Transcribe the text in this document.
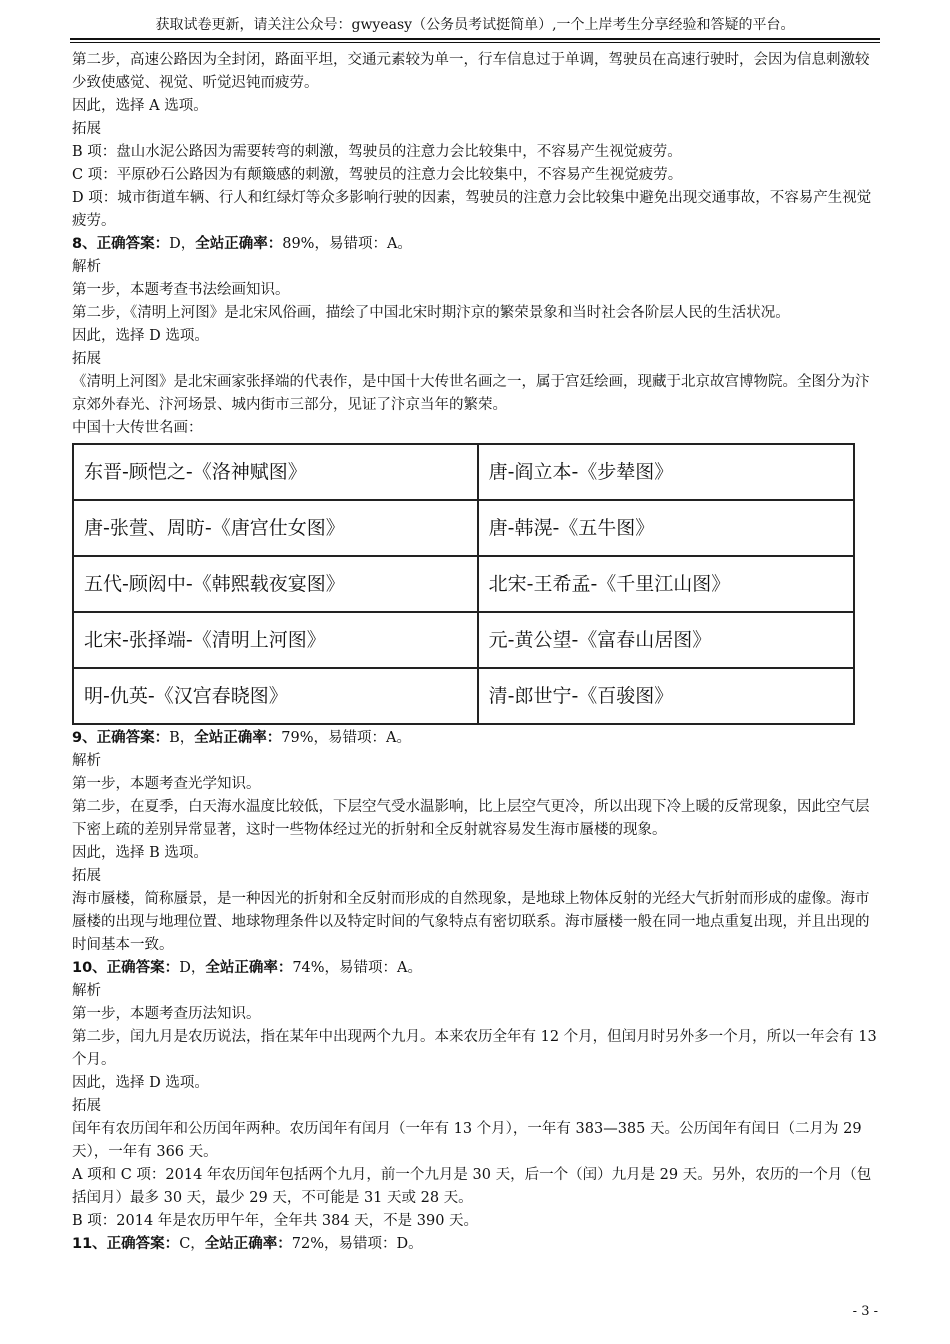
获取试卷更新，请关注公众号：gwyeasy（公务员考试挺简单）,一个上岸考生分享经验和答疑的平台。

第二步，高速公路因为全封闭，路面平坦，交通元素较为单一，行车信息过于单调，驾驶员在高速行驶时，会因为信息刺激较少致使感觉、视觉、听觉迟钝而疲劳。

因此，选择 A 选项。

拓展

B 项：盘山水泥公路因为需要转弯的刺激，驾驶员的注意力会比较集中，不容易产生视觉疲劳。

C 项：平原砂石公路因为有颠簸感的刺激，驾驶员的注意力会比较集中，不容易产生视觉疲劳。

D 项：城市街道车辆、行人和红绿灯等众多影响行驶的因素，驾驶员的注意力会比较集中避免出现交通事故，不容易产生视觉疲劳。

8、正确答案：D，全站正确率：89%，易错项：A。

解析

第一步，本题考查书法绘画知识。

第二步，《清明上河图》是北宋风俗画，描绘了中国北宋时期汴京的繁荣景象和当时社会各阶层人民的生活状况。

因此，选择 D 选项。

拓展

《清明上河图》是北宋画家张择端的代表作，是中国十大传世名画之一，属于宫廷绘画，现藏于北京故宫博物院。全图分为汴京郊外春光、汴河场景、城内街市三部分，见证了汴京当年的繁荣。

中国十大传世名画：

东晋-顾恺之-《洛神赋图》	唐-阎立本-《步辇图》
唐-张萱、周昉-《唐宫仕女图》	唐-韩滉-《五牛图》
五代-顾闳中-《韩熙载夜宴图》	北宋-王希孟-《千里江山图》
北宋-张择端-《清明上河图》	元-黄公望-《富春山居图》
明-仇英-《汉宫春晓图》	清-郎世宁-《百骏图》

9、正确答案：B，全站正确率：79%，易错项：A。

解析

第一步，本题考查光学知识。

第二步，在夏季，白天海水温度比较低，下层空气受水温影响，比上层空气更冷，所以出现下冷上暖的反常现象，因此空气层下密上疏的差别异常显著，这时一些物体经过光的折射和全反射就容易发生海市蜃楼的现象。

因此，选择 B 选项。

拓展

海市蜃楼，简称蜃景，是一种因光的折射和全反射而形成的自然现象，是地球上物体反射的光经大气折射而形成的虚像。海市蜃楼的出现与地理位置、地球物理条件以及特定时间的气象特点有密切联系。海市蜃楼一般在同一地点重复出现，并且出现的时间基本一致。

10、正确答案：D，全站正确率：74%，易错项：A。

解析

第一步，本题考查历法知识。

第二步，闰九月是农历说法，指在某年中出现两个九月。本来农历全年有 12 个月，但闰月时另外多一个月，所以一年会有 13 个月。

因此，选择 D 选项。

拓展

闰年有农历闰年和公历闰年两种。农历闰年有闰月（一年有 13 个月），一年有 383—385 天。公历闰年有闰日（二月为 29 天），一年有 366 天。

A 项和 C 项：2014 年农历闰年包括两个九月，前一个九月是 30 天，后一个（闰）九月是 29 天。另外，农历的一个月（包括闰月）最多 30 天，最少 29 天，不可能是 31 天或 28 天。

B 项：2014 年是农历甲午年，全年共 384 天，不是 390 天。

11、正确答案：C，全站正确率：72%，易错项：D。

- 3 -
